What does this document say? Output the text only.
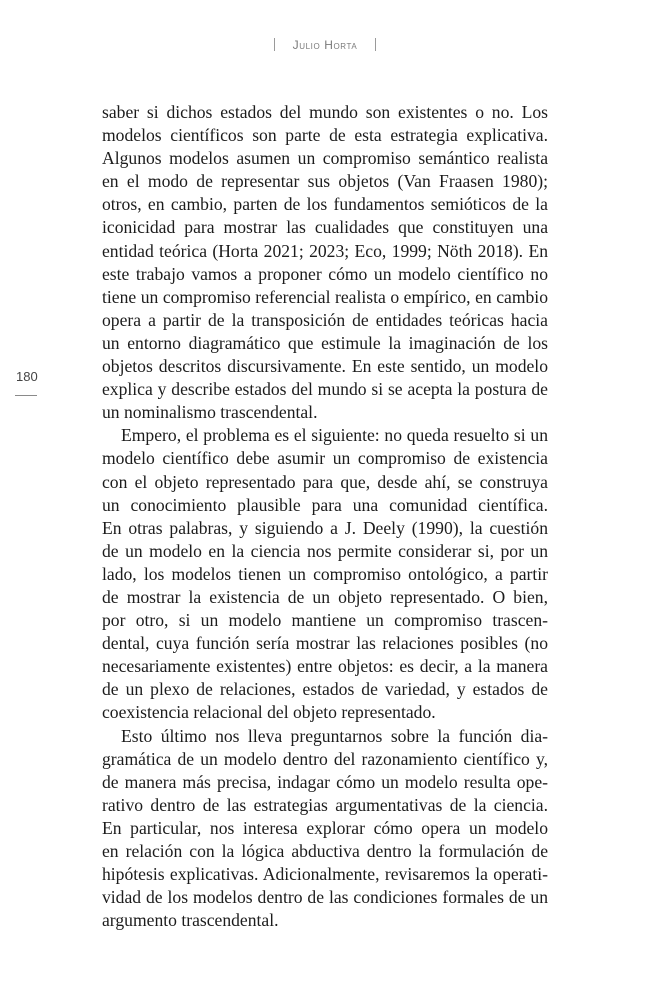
Julio Horta
180

saber si dichos estados del mundo son existentes o no. Los

modelos científicos son parte de esta estrategia explicativa.

Algunos modelos asumen un compromiso semántico realista

en el modo de representar sus objetos (Van Fraasen 1980);

otros, en cambio, parten de los fundamentos semióticos de la

iconicidad para mostrar las cualidades que constituyen una

entidad teórica (Horta 2021; 2023; Eco, 1999; Nöth 2018). En

este trabajo vamos a proponer cómo un modelo científico no

tiene un compromiso referencial realista o empírico, en cambio

opera a partir de la transposición de entidades teóricas hacia

un entorno diagramático que estimule la imaginación de los

objetos descritos discursivamente. En este sentido, un modelo

explica y describe estados del mundo si se acepta la postura de

un nominalismo trascendental.

Empero, el problema es el siguiente: no queda resuelto si un

modelo científico debe asumir un compromiso de existencia

con el objeto representado para que, desde ahí, se construya

un conocimiento plausible para una comunidad científica.

En otras palabras, y siguiendo a J. Deely (1990), la cuestión

de un modelo en la ciencia nos permite considerar si, por un

lado, los modelos tienen un compromiso ontológico, a partir

de mostrar la existencia de un objeto representado. O bien,

por otro, si un modelo mantiene un compromiso trascen-

dental, cuya función sería mostrar las relaciones posibles (no

necesariamente existentes) entre objetos: es decir, a la manera

de un plexo de relaciones, estados de variedad, y estados de

coexistencia relacional del objeto representado.

Esto último nos lleva preguntarnos sobre la función dia-

gramática de un modelo dentro del razonamiento científico y,

de manera más precisa, indagar cómo un modelo resulta ope-

rativo dentro de las estrategias argumentativas de la ciencia.

En particular, nos interesa explorar cómo opera un modelo

en relación con la lógica abductiva dentro la formulación de

hipótesis explicativas. Adicionalmente, revisaremos la operati-

vidad de los modelos dentro de las condiciones formales de un

argumento trascendental.
